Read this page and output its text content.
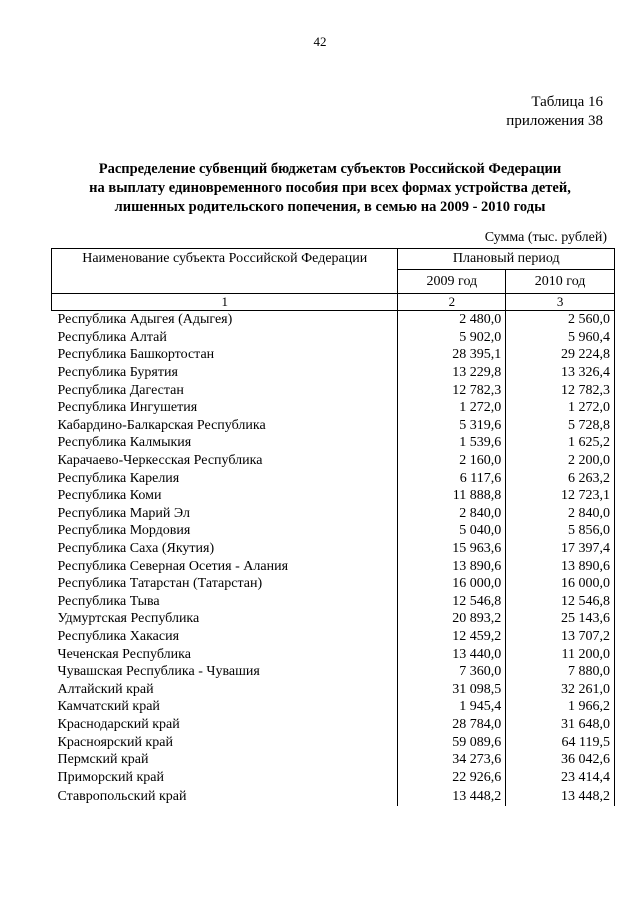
42
Таблица 16
приложения 38
Распределение субвенций бюджетам субъектов Российской Федерации
на выплату единовременного пособия при всех формах устройства детей,
лишенных родительского попечения, в семью на 2009 - 2010 годы
Сумма (тыс. рублей)
Наименование субъекта Российской Федерации	Плановый период	
	2009 год	2010 год
1	2	3
Республика Адыгея (Адыгея)	2 480,0	2 560,0
Республика Алтай	5 902,0	5 960,4
Республика Башкортостан	28 395,1	29 224,8
Республика Бурятия	13 229,8	13 326,4
Республика Дагестан	12 782,3	12 782,3
Республика Ингушетия	1 272,0	1 272,0
Кабардино-Балкарская Республика	5 319,6	5 728,8
Республика Калмыкия	1 539,6	1 625,2
Карачаево-Черкесская Республика	2 160,0	2 200,0
Республика Карелия	6 117,6	6 263,2
Республика Коми	11 888,8	12 723,1
Республика Марий Эл	2 840,0	2 840,0
Республика Мордовия	5 040,0	5 856,0
Республика Саха (Якутия)	15 963,6	17 397,4
Республика Северная Осетия - Алания	13 890,6	13 890,6
Республика Татарстан (Татарстан)	16 000,0	16 000,0
Республика Тыва	12 546,8	12 546,8
Удмуртская Республика	20 893,2	25 143,6
Республика Хакасия	12 459,2	13 707,2
Чеченская Республика	13 440,0	11 200,0
Чувашская Республика - Чувашия	7 360,0	7 880,0
Алтайский край	31 098,5	32 261,0
Камчатский край	1 945,4	1 966,2
Краснодарский край	28 784,0	31 648,0
Красноярский край	59 089,6	64 119,5
Пермский край	34 273,6	36 042,6
Приморский край	22 926,6	23 414,4
Ставропольский край	13 448,2	13 448,2
